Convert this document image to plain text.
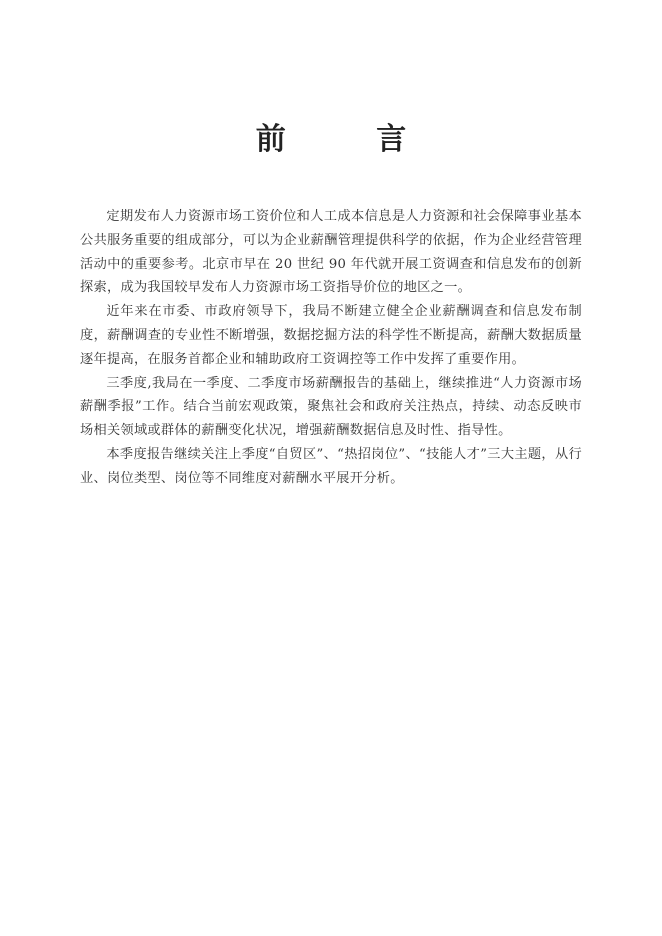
前 言

定期发布人力资源市场工资价位和人工成本信息是人力资源和社会保障事业基本公共服务重要的组成部分，可以为企业薪酬管理提供科学的依据，作为企业经营管理活动中的重要参考。北京市早在 20 世纪 90 年代就开展工资调查和信息发布的创新探索，成为我国较早发布人力资源市场工资指导价位的地区之一。

近年来在市委、市政府领导下，我局不断建立健全企业薪酬调查和信息发布制度，薪酬调查的专业性不断增强，数据挖掘方法的科学性不断提高，薪酬大数据质量逐年提高，在服务首都企业和辅助政府工资调控等工作中发挥了重要作用。

三季度,我局在一季度、二季度市场薪酬报告的基础上，继续推进“人力资源市场薪酬季报”工作。结合当前宏观政策，聚焦社会和政府关注热点，持续、动态反映市场相关领域或群体的薪酬变化状况，增强薪酬数据信息及时性、指导性。

本季度报告继续关注上季度“自贸区”、“热招岗位”、“技能人才”三大主题，从行业、岗位类型、岗位等不同维度对薪酬水平展开分析。
